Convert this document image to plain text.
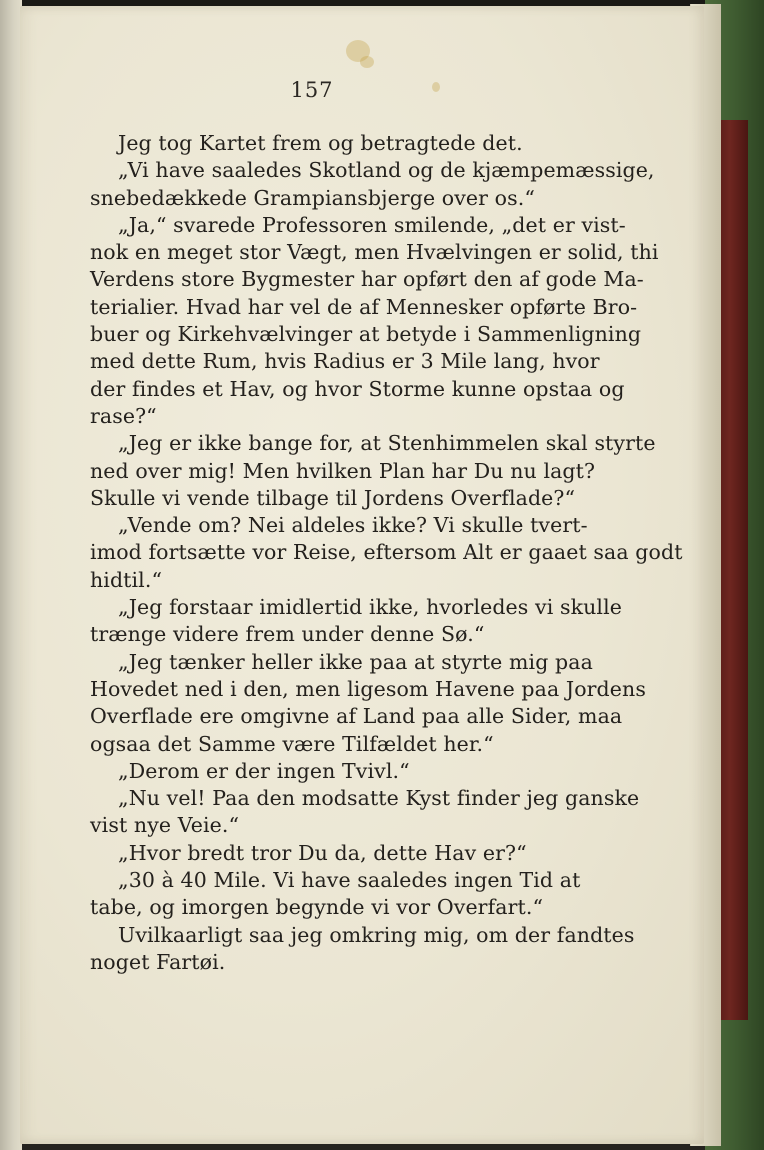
157
Jeg tog Kartet frem og betragtede det.
„Vi have saaledes Skotland og de kjæmpemæssige,
snebedækkede Grampiansbjerge over os.“
„Ja,“ svarede Professoren smilende, „det er vist-
nok en meget stor Vægt, men Hvælvingen er solid, thi
Verdens store Bygmester har opført den af gode Ma-
terialier. Hvad har vel de af Mennesker opførte Bro-
buer og Kirkehvælvinger at betyde i Sammenligning
med dette Rum, hvis Radius er 3 Mile lang, hvor
der findes et Hav, og hvor Storme kunne opstaa og
rase?“
„Jeg er ikke bange for, at Stenhimmelen skal styrte
ned over mig! Men hvilken Plan har Du nu lagt?
Skulle vi vende tilbage til Jordens Overflade?“
„Vende om? Nei aldeles ikke? Vi skulle tvert-
imod fortsætte vor Reise, eftersom Alt er gaaet saa godt
hidtil.“
„Jeg forstaar imidlertid ikke, hvorledes vi skulle
trænge videre frem under denne Sø.“
„Jeg tænker heller ikke paa at styrte mig paa
Hovedet ned i den, men ligesom Havene paa Jordens
Overflade ere omgivne af Land paa alle Sider, maa
ogsaa det Samme være Tilfældet her.“
„Derom er der ingen Tvivl.“
„Nu vel! Paa den modsatte Kyst finder jeg ganske
vist nye Veie.“
„Hvor bredt tror Du da, dette Hav er?“
„30 à 40 Mile. Vi have saaledes ingen Tid at
tabe, og imorgen begynde vi vor Overfart.“
Uvilkaarligt saa jeg omkring mig, om der fandtes
noget Fartøi.
